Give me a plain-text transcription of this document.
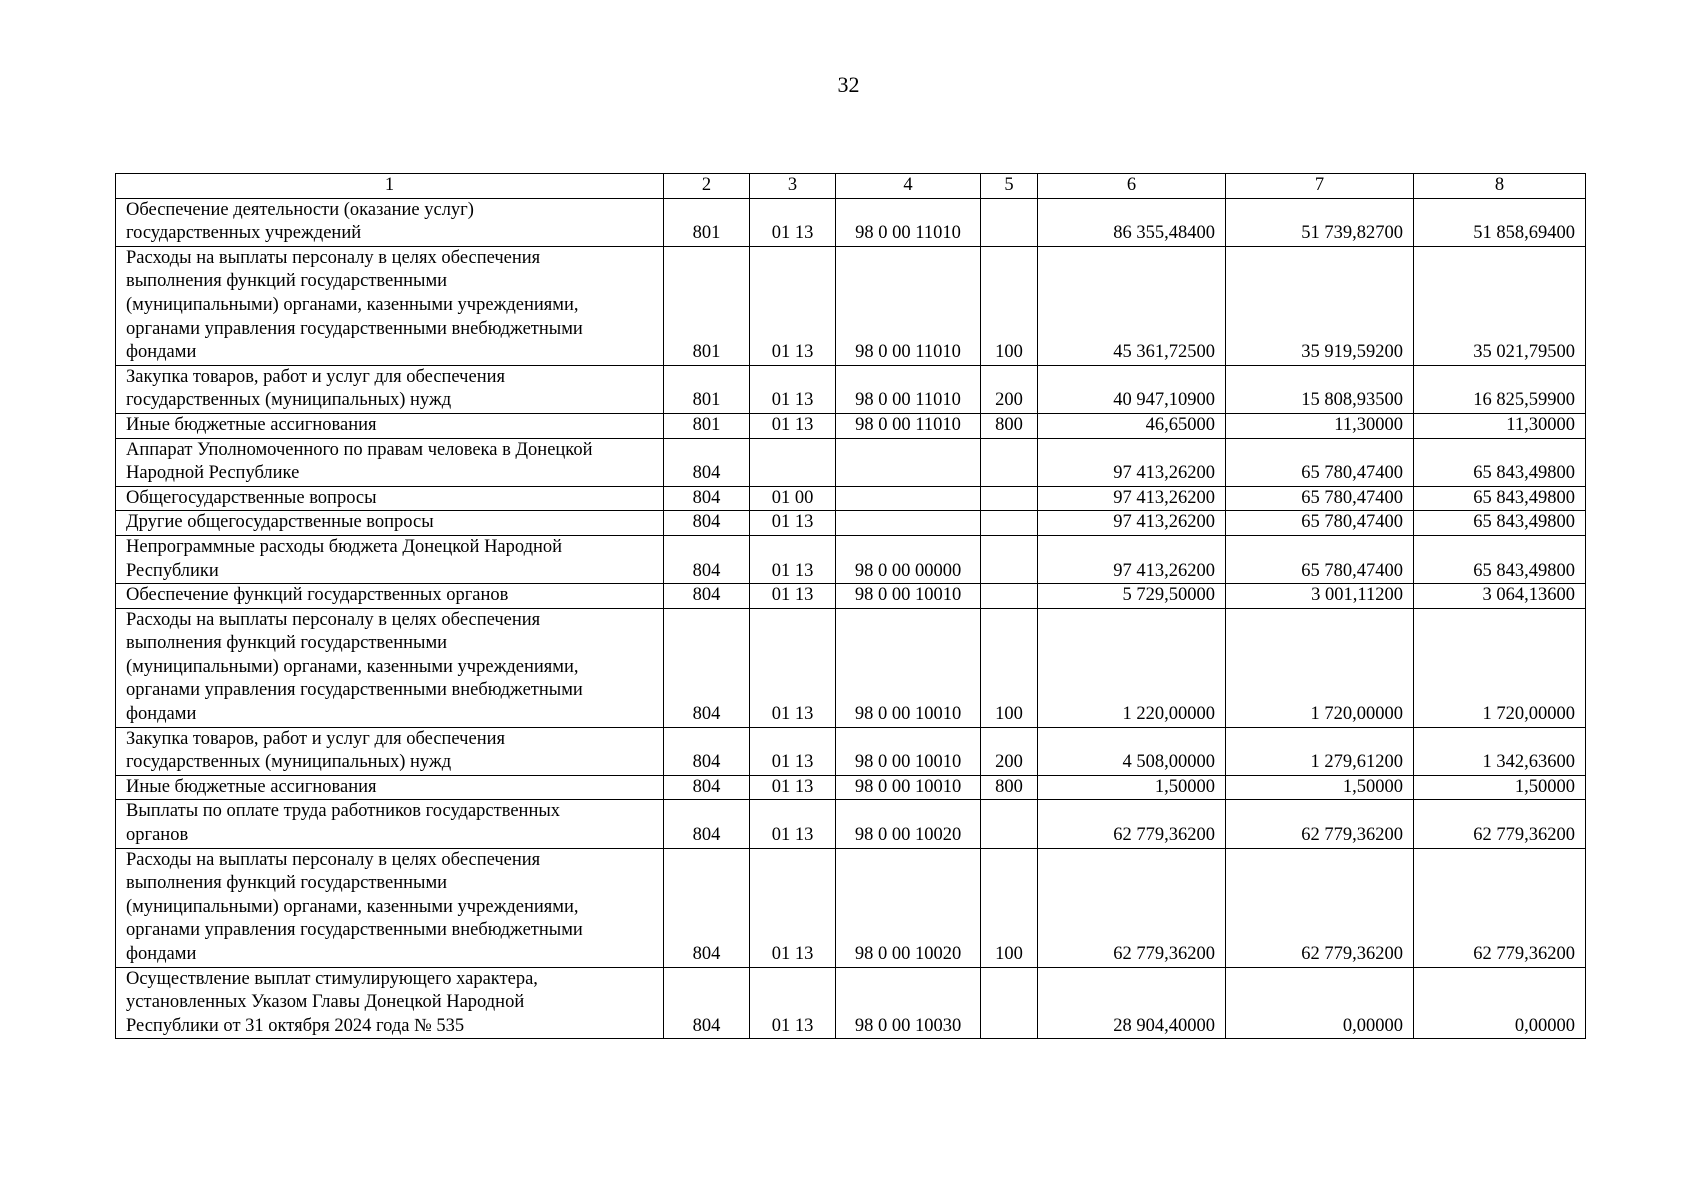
32
1	2	3	4	5	6	7	8
Обеспечение деятельности (оказание услуг)
государственных учреждений	801	01 13	98 0 00 11010		86 355,48400	51 739,82700	51 858,69400
Расходы на выплаты персоналу в целях обеспечения
выполнения функций государственными
(муниципальными) органами, казенными учреждениями,
органами управления государственными внебюджетными
фондами	801	01 13	98 0 00 11010	100	45 361,72500	35 919,59200	35 021,79500
Закупка товаров, работ и услуг для обеспечения
государственных (муниципальных) нужд	801	01 13	98 0 00 11010	200	40 947,10900	15 808,93500	16 825,59900
Иные бюджетные ассигнования	801	01 13	98 0 00 11010	800	46,65000	11,30000	11,30000
Аппарат Уполномоченного по правам человека в Донецкой
Народной Республике	804				97 413,26200	65 780,47400	65 843,49800
Общегосударственные вопросы	804	01 00			97 413,26200	65 780,47400	65 843,49800
Другие общегосударственные вопросы	804	01 13			97 413,26200	65 780,47400	65 843,49800
Непрограммные расходы бюджета Донецкой Народной
Республики	804	01 13	98 0 00 00000		97 413,26200	65 780,47400	65 843,49800
Обеспечение функций государственных органов	804	01 13	98 0 00 10010		5 729,50000	3 001,11200	3 064,13600
Расходы на выплаты персоналу в целях обеспечения
выполнения функций государственными
(муниципальными) органами, казенными учреждениями,
органами управления государственными внебюджетными
фондами	804	01 13	98 0 00 10010	100	1 220,00000	1 720,00000	1 720,00000
Закупка товаров, работ и услуг для обеспечения
государственных (муниципальных) нужд	804	01 13	98 0 00 10010	200	4 508,00000	1 279,61200	1 342,63600
Иные бюджетные ассигнования	804	01 13	98 0 00 10010	800	1,50000	1,50000	1,50000
Выплаты по оплате труда работников государственных
органов	804	01 13	98 0 00 10020		62 779,36200	62 779,36200	62 779,36200
Расходы на выплаты персоналу в целях обеспечения
выполнения функций государственными
(муниципальными) органами, казенными учреждениями,
органами управления государственными внебюджетными
фондами	804	01 13	98 0 00 10020	100	62 779,36200	62 779,36200	62 779,36200
Осуществление выплат стимулирующего характера,
установленных Указом Главы Донецкой Народной
Республики от 31 октября 2024 года № 535	804	01 13	98 0 00 10030		28 904,40000	0,00000	0,00000
